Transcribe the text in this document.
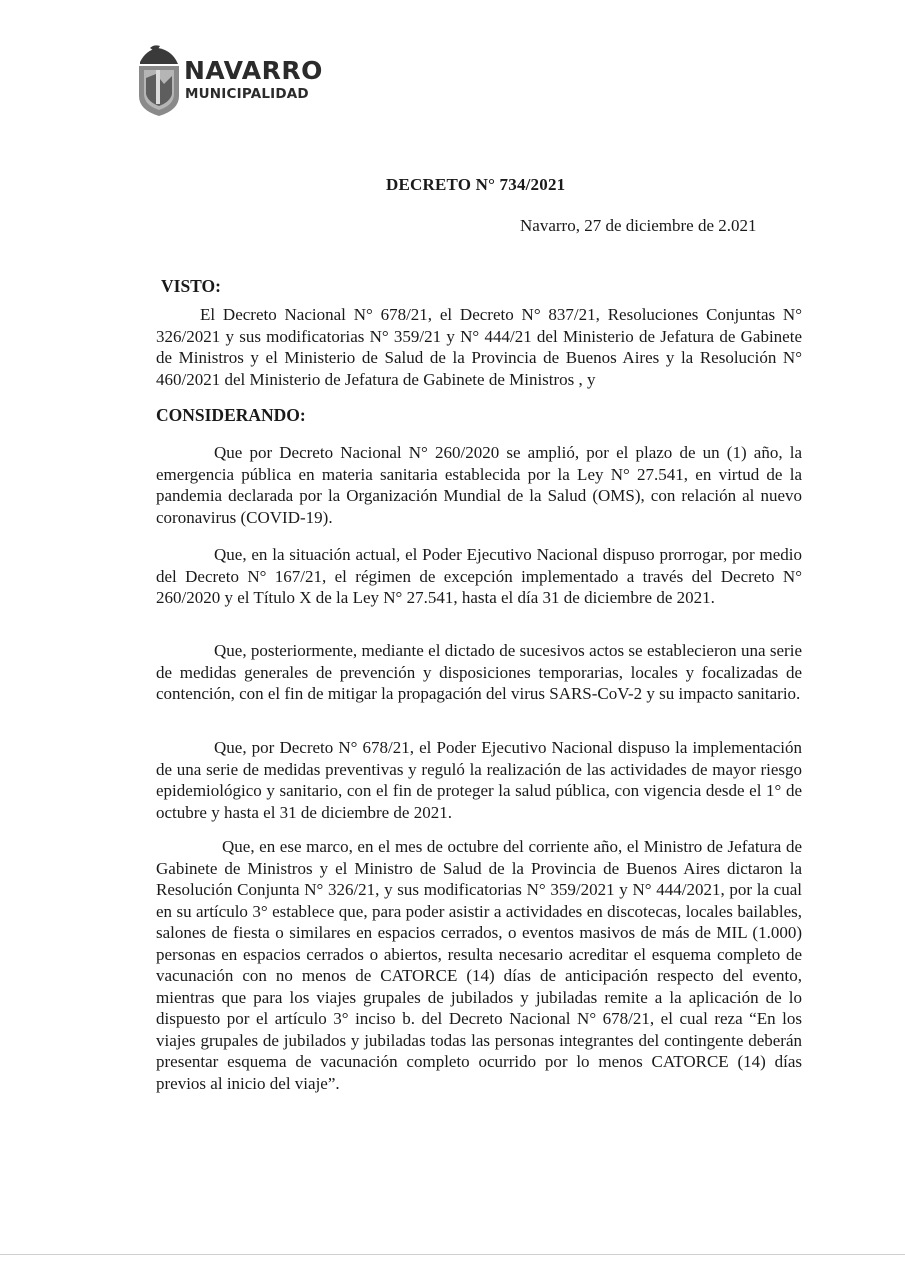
NAVARRO
MUNICIPALIDAD
DECRETO N° 734/2021
Navarro, 27 de diciembre de 2.021
VISTO:
El Decreto Nacional N° 678/21, el Decreto N° 837/21, Resoluciones Conjuntas N° 326/2021 y sus modificatorias N° 359/21 y N° 444/21 del Ministerio de Jefatura de Gabinete de Ministros y el Ministerio de Salud de la Provincia de Buenos Aires y la Resolución N° 460/2021 del Ministerio de Jefatura de Gabinete de Ministros , y
CONSIDERANDO:
Que por Decreto Nacional N° 260/2020 se amplió, por el plazo de un (1) año, la emergencia pública en materia sanitaria establecida por la Ley N° 27.541, en virtud de la pandemia declarada por la Organización Mundial de la Salud (OMS), con relación al nuevo coronavirus (COVID-19).
Que, en la situación actual, el Poder Ejecutivo Nacional dispuso prorrogar, por medio del Decreto N° 167/21, el régimen de excepción implementado a través del Decreto N° 260/2020 y el Título X de la Ley N° 27.541, hasta el día 31 de diciembre de 2021.
Que, posteriormente, mediante el dictado de sucesivos actos se establecieron una serie de medidas generales de prevención y disposiciones temporarias, locales y focalizadas de contención, con el fin de mitigar la propagación del virus SARS-CoV-2 y su impacto sanitario.
Que, por Decreto N° 678/21, el Poder Ejecutivo Nacional dispuso la implementación de una serie de medidas preventivas y reguló la realización de las actividades de mayor riesgo epidemiológico y sanitario, con el fin de proteger la salud pública, con vigencia desde el 1° de octubre y hasta el 31 de diciembre de 2021.
Que, en ese marco, en el mes de octubre del corriente año, el Ministro de Jefatura de Gabinete de Ministros y el Ministro de Salud de la Provincia de Buenos Aires dictaron la Resolución Conjunta N° 326/21, y sus modificatorias N° 359/2021 y N° 444/2021, por la cual en su artículo 3° establece que, para poder asistir a actividades en discotecas, locales bailables, salones de fiesta o similares en espacios cerrados, o eventos masivos de más de MIL (1.000) personas en espacios cerrados o abiertos, resulta necesario acreditar el esquema completo de vacunación con no menos de CATORCE (14) días de anticipación respecto del evento, mientras que para los viajes grupales de jubilados y jubiladas remite a la aplicación de lo dispuesto por el artículo 3° inciso b. del Decreto Nacional N° 678/21, el cual reza “En los viajes grupales de jubilados y jubiladas todas las personas integrantes del contingente deberán presentar esquema de vacunación completo ocurrido por lo menos CATORCE (14) días previos al inicio del viaje”.
